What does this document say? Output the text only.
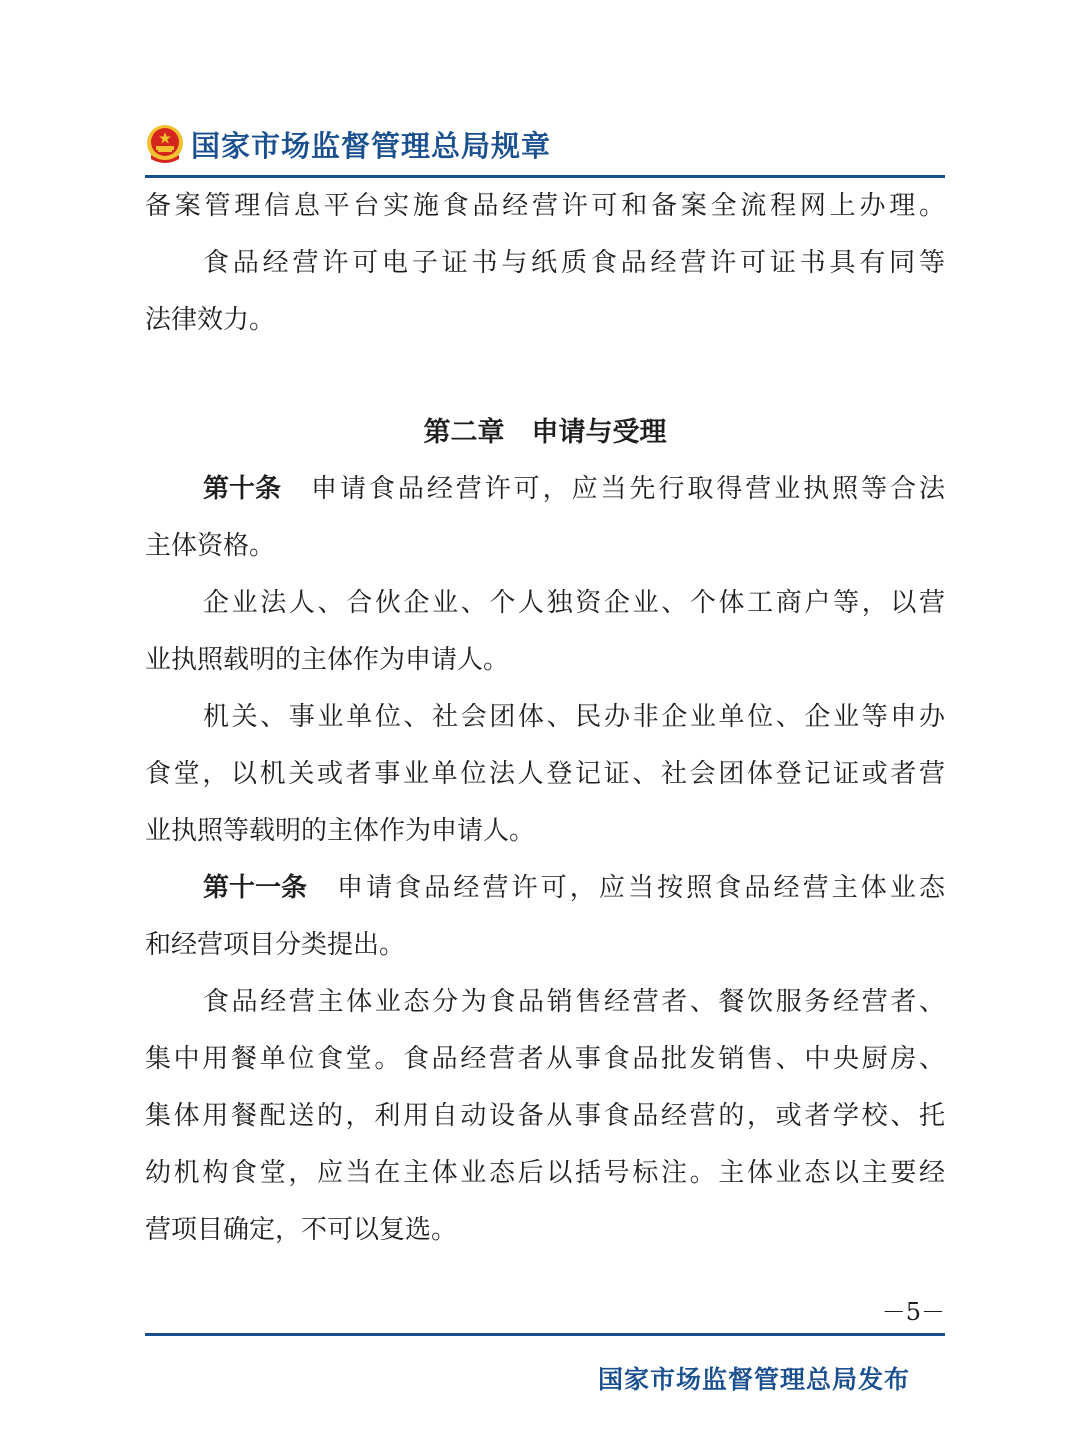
国家市场监督管理总局规章
备案管理信息平台实施食品经营许可和备案全流程网上办理。
食品经营许可电子证书与纸质食品经营许可证书具有同等
法律效力。
第二章　申请与受理
第十条 申请食品经营许可，应当先行取得营业执照等合法
主体资格。
企业法人、合伙企业、个人独资企业、个体工商户等，以营
业执照载明的主体作为申请人。
机关、事业单位、社会团体、民办非企业单位、企业等申办
食堂，以机关或者事业单位法人登记证、社会团体登记证或者营
业执照等载明的主体作为申请人。
第十一条 申请食品经营许可，应当按照食品经营主体业态
和经营项目分类提出。
食品经营主体业态分为食品销售经营者、餐饮服务经营者、
集中用餐单位食堂。食品经营者从事食品批发销售、中央厨房、
集体用餐配送的，利用自动设备从事食品经营的，或者学校、托
幼机构食堂，应当在主体业态后以括号标注。主体业态以主要经
营项目确定，不可以复选。
－5－
国家市场监督管理总局发布
